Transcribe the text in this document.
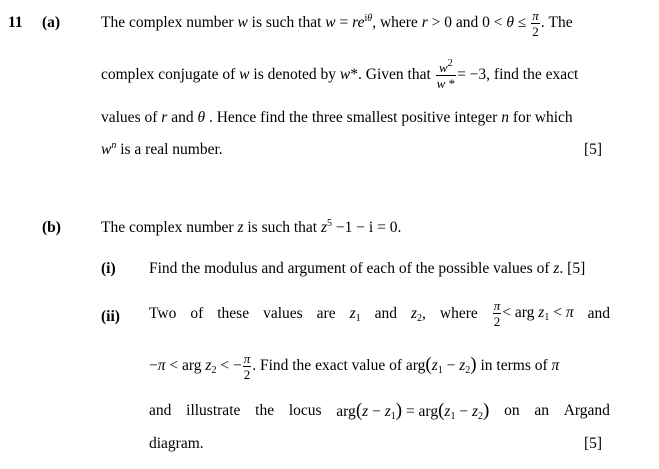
11 (a)	The complex number w is such that $w = re^{i\theta}$, where r > 0 and $0 < \theta \le \frac{\pi}{2}$ . The
complex conjugate of w is denoted by w*. Given that $\frac{w^2}{w *} = -3$, find the exact
values of r and θ . Hence find the three smallest positive integer n for which
$w^n$ is a real number.	[5]
(b)	The complex number z is such that $z^5 -1 - i = 0$.
(i) Find the modulus and argument of each of the possible values of z. [5]
(ii) Two of these values are $z_1$ and $z_2$, where $\frac{\pi}{2}$ < arg $z_1 < \pi$ and
−π < arg $z_2$ < − $\frac{\pi}{2}$ . Find the exact value of $arg(z_1 - z_2)$ in terms of π
and illustrate the locus $arg(z - z_1) = arg(z_1 - z_2)$ on an Argand
diagram.	[5]
